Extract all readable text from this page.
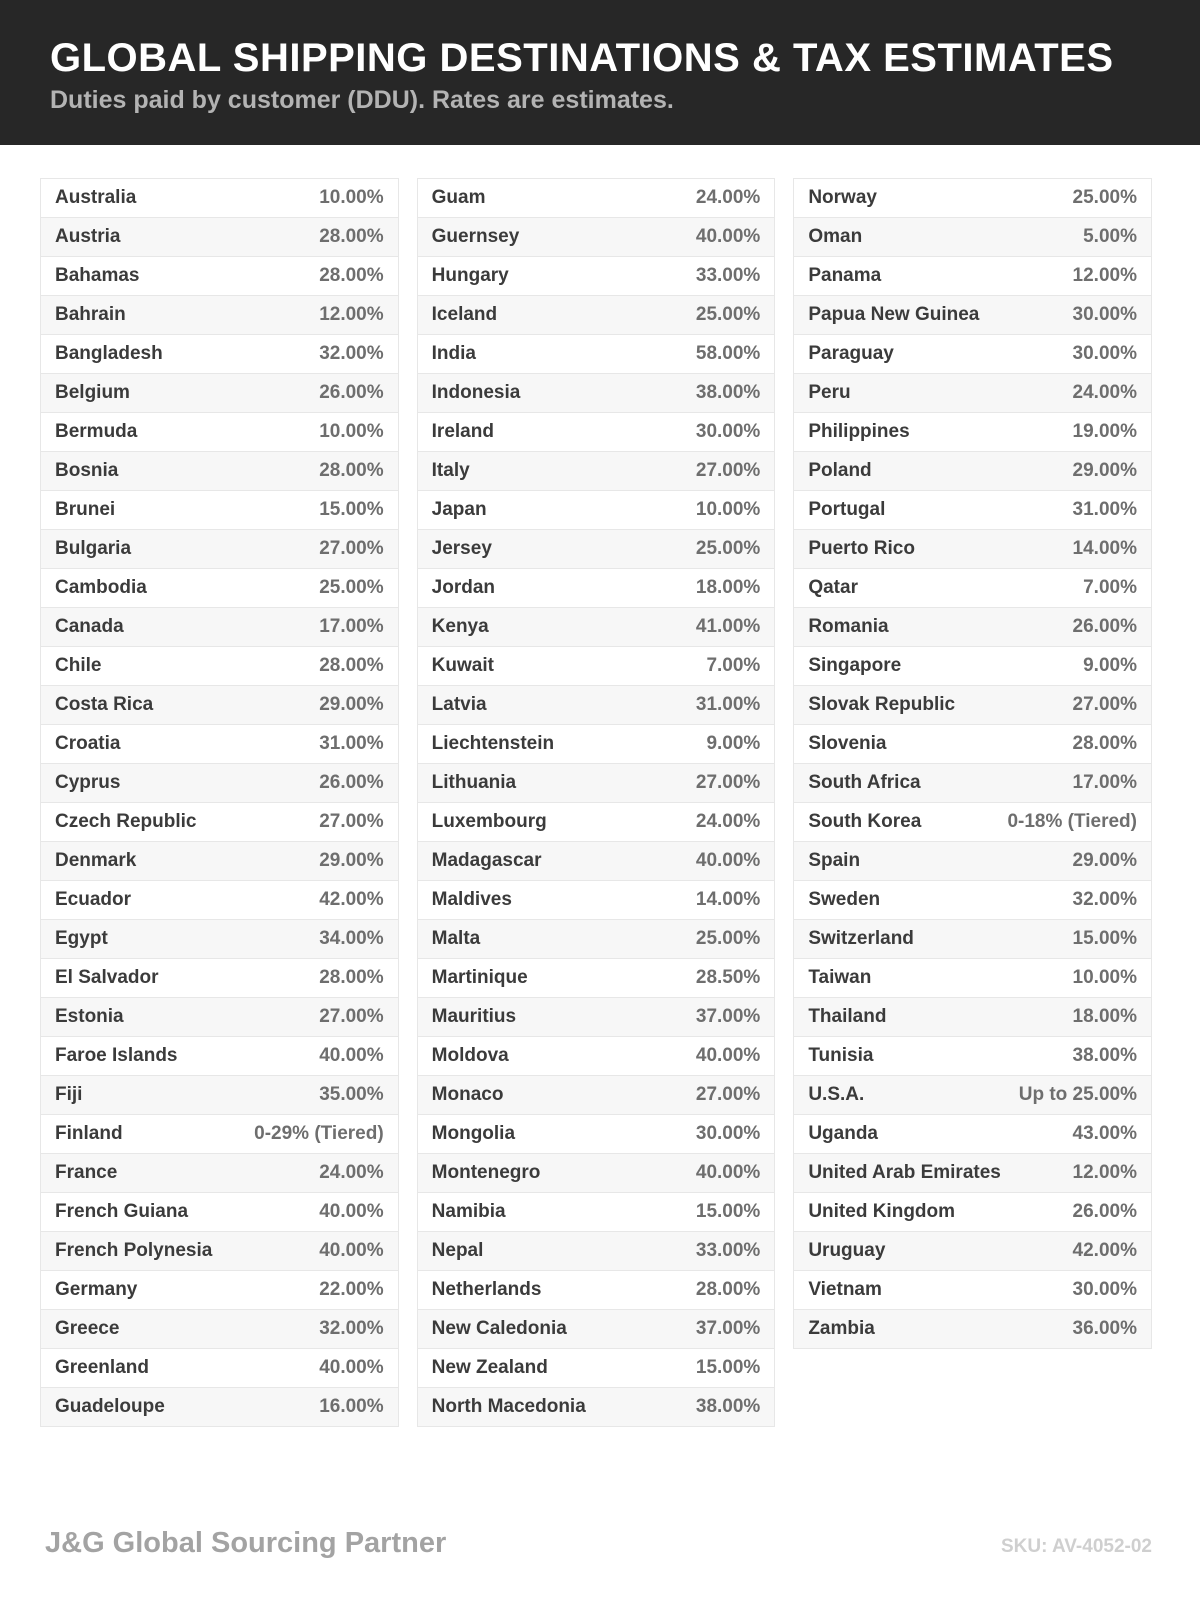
GLOBAL SHIPPING DESTINATIONS & TAX ESTIMATES

Duties paid by customer (DDU). Rates are estimates.

Australia	10.00%
Austria	28.00%
Bahamas	28.00%
Bahrain	12.00%
Bangladesh	32.00%
Belgium	26.00%
Bermuda	10.00%
Bosnia	28.00%
Brunei	15.00%
Bulgaria	27.00%
Cambodia	25.00%
Canada	17.00%
Chile	28.00%
Costa Rica	29.00%
Croatia	31.00%
Cyprus	26.00%
Czech Republic	27.00%
Denmark	29.00%
Ecuador	42.00%
Egypt	34.00%
El Salvador	28.00%
Estonia	27.00%
Faroe Islands	40.00%
Fiji	35.00%
Finland	0-29% (Tiered)
France	24.00%
French Guiana	40.00%
French Polynesia	40.00%
Germany	22.00%
Greece	32.00%
Greenland	40.00%
Guadeloupe	16.00%
Guam	24.00%
Guernsey	40.00%
Hungary	33.00%
Iceland	25.00%
India	58.00%
Indonesia	38.00%
Ireland	30.00%
Italy	27.00%
Japan	10.00%
Jersey	25.00%
Jordan	18.00%
Kenya	41.00%
Kuwait	7.00%
Latvia	31.00%
Liechtenstein	9.00%
Lithuania	27.00%
Luxembourg	24.00%
Madagascar	40.00%
Maldives	14.00%
Malta	25.00%
Martinique	28.50%
Mauritius	37.00%
Moldova	40.00%
Monaco	27.00%
Mongolia	30.00%
Montenegro	40.00%
Namibia	15.00%
Nepal	33.00%
Netherlands	28.00%
New Caledonia	37.00%
New Zealand	15.00%
North Macedonia	38.00%
Norway	25.00%
Oman	5.00%
Panama	12.00%
Papua New Guinea	30.00%
Paraguay	30.00%
Peru	24.00%
Philippines	19.00%
Poland	29.00%
Portugal	31.00%
Puerto Rico	14.00%
Qatar	7.00%
Romania	26.00%
Singapore	9.00%
Slovak Republic	27.00%
Slovenia	28.00%
South Africa	17.00%
South Korea	0-18% (Tiered)
Spain	29.00%
Sweden	32.00%
Switzerland	15.00%
Taiwan	10.00%
Thailand	18.00%
Tunisia	38.00%
U.S.A.	Up to 25.00%
Uganda	43.00%
United Arab Emirates	12.00%
United Kingdom	26.00%
Uruguay	42.00%
Vietnam	30.00%
Zambia	36.00%
J&G Global Sourcing Partner	SKU: AV-4052-02
